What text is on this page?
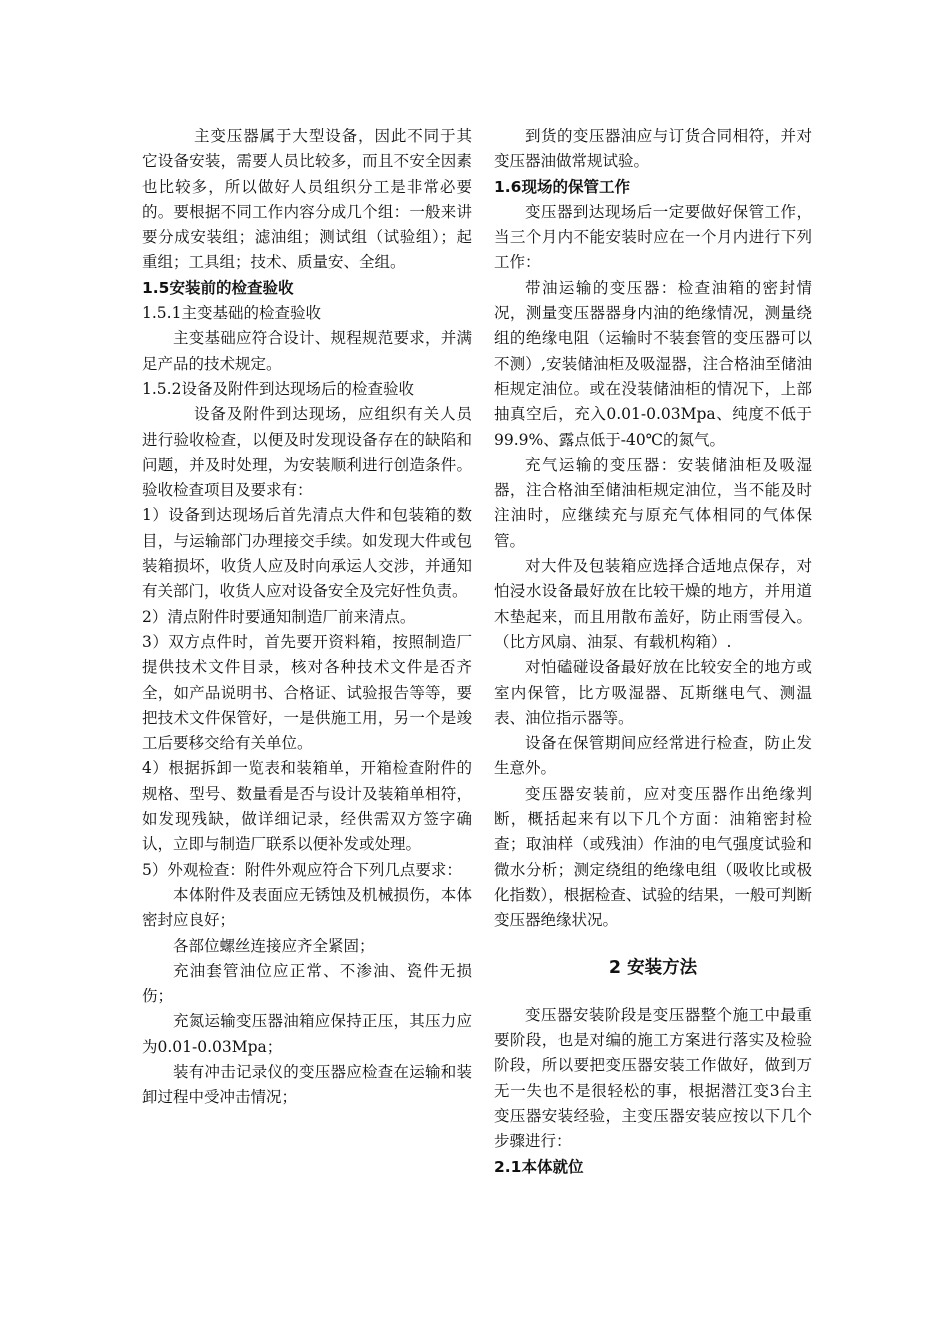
主变压器属于大型设备，因此不同于其它设备安装，需要人员比较多，而且不安全因素也比较多，所以做好人员组织分工是非常必要的。要根据不同工作内容分成几个组：一般来讲要分成安装组；滤油组；测试组（试验组）；起重组；工具组；技术、质量安、全组。

1.5安装前的检查验收
1.5.1主变基础的检查验收

主变基础应符合设计、规程规范要求，并满足产品的技术规定。

1.5.2设备及附件到达现场后的检查验收

设备及附件到达现场，应组织有关人员进行验收检查，以便及时发现设备存在的缺陷和问题，并及时处理，为安装顺利进行创造条件。验收检查项目及要求有：

1）设备到达现场后首先清点大件和包装箱的数目，与运输部门办理接交手续。如发现大件或包装箱损坏，收货人应及时向承运人交涉，并通知有关部门，收货人应对设备安全及完好性负责。

2）清点附件时要通知制造厂前来清点。

3）双方点件时，首先要开资料箱，按照制造厂提供技术文件目录，核对各种技术文件是否齐全，如产品说明书、合格证、试验报告等等，要把技术文件保管好，一是供施工用，另一个是竣工后要移交给有关单位。

4）根据拆卸一览表和装箱单，开箱检查附件的规格、型号、数量看是否与设计及装箱单相符，如发现残缺，做详细记录，经供需双方签字确认，立即与制造厂联系以便补发或处理。

5）外观检查：附件外观应符合下列几点要求：

本体附件及表面应无锈蚀及机械损伤，本体密封应良好；

各部位螺丝连接应齐全紧固；

充油套管油位应正常、不渗油、瓷件无损伤；

充氮运输变压器油箱应保持正压，其压力应为0.01-0.03Mpa；

装有冲击记录仪的变压器应检查在运输和装卸过程中受冲击情况；

到货的变压器油应与订货合同相符，并对变压器油做常规试验。

1.6现场的保管工作

变压器到达现场后一定要做好保管工作，当三个月内不能安装时应在一个月内进行下列工作：

带油运输的变压器：检查油箱的密封情况，测量变压器器身内油的绝缘情况，测量绕组的绝缘电阻（运输时不装套管的变压器可以不测）,安装储油柜及吸湿器，注合格油至储油柜规定油位。或在没装储油柜的情况下，上部抽真空后，充入0.01-0.03Mpa、纯度不低于99.9%、露点低于-40℃的氮气。

充气运输的变压器：安装储油柜及吸湿器，注合格油至储油柜规定油位，当不能及时注油时，应继续充与原充气体相同的气体保管。

对大件及包装箱应选择合适地点保存，对怕浸水设备最好放在比较干燥的地方，并用道木垫起来，而且用散布盖好，防止雨雪侵入。（比方风扇、油泵、有载机构箱）.

对怕磕碰设备最好放在比较安全的地方或室内保管，比方吸湿器、瓦斯继电气、测温表、油位指示器等。

设备在保管期间应经常进行检查，防止发生意外。

变压器安装前，应对变压器作出绝缘判断，概括起来有以下几个方面：油箱密封检查；取油样（或残油）作油的电气强度试验和微水分析；测定绕组的绝缘电组（吸收比或极化指数），根据检查、试验的结果，一般可判断变压器绝缘状况。

2 安装方法

变压器安装阶段是变压器整个施工中最重要阶段，也是对编的施工方案进行落实及检验阶段，所以要把变压器安装工作做好，做到万无一失也不是很轻松的事，根据潜江变3台主变压器安装经验，主变压器安装应按以下几个步骤进行：

2.1本体就位
